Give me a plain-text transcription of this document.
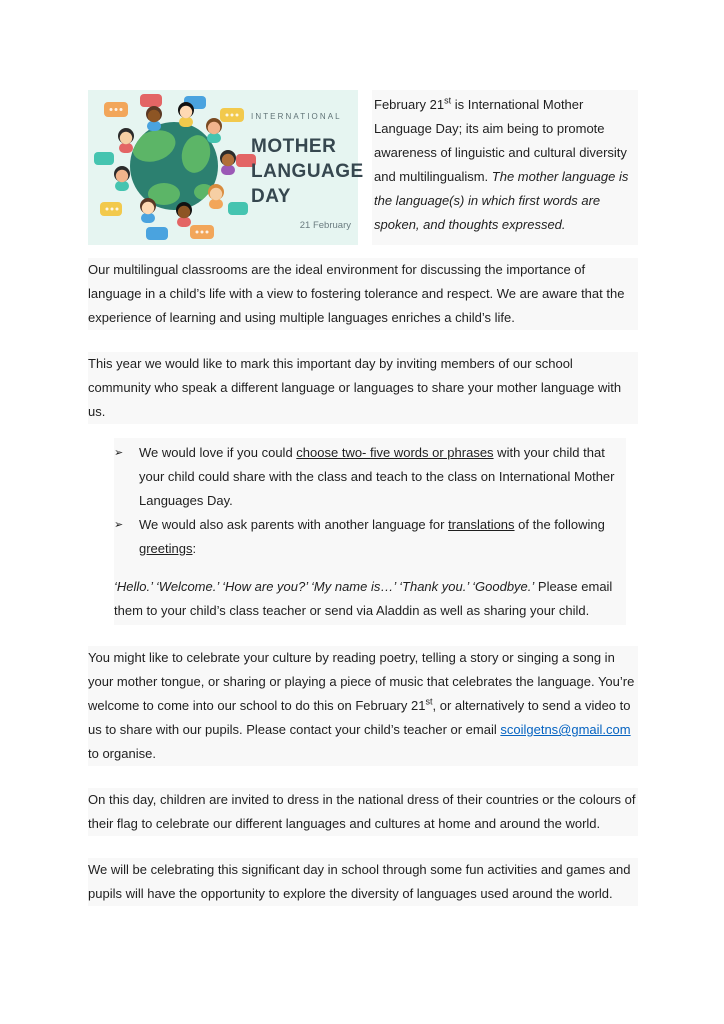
INTERNATIONAL
MOTHER
LANGUAGE
DAY
21 February
February 21st is International Mother Language Day; its aim being to promote awareness of linguistic and cultural diversity and multilingualism. The mother language is the language(s) in which first words are spoken, and thoughts expressed.

Our multilingual classrooms are the ideal environment for discussing the importance of language in a child’s life with a view to fostering tolerance and respect. We are aware that the experience of learning and using multiple languages enriches a child’s life.

This year we would like to mark this important day by inviting members of our school community who speak a different language or languages to share your mother language with us.

➢	We would love if you could choose two- five words or phrases with your child that your child could share with the class and teach to the class on International Mother Languages Day.
➢	We would also ask parents with another language for translations of the following greetings:

‘Hello.’ ‘Welcome.’ ‘How are you?’ ‘My name is…’ ‘Thank you.’ ‘Goodbye.’ Please email them to your child’s class teacher or send via Aladdin as well as sharing your child.

You might like to celebrate your culture by reading poetry, telling a story or singing a song in your mother tongue, or sharing or playing a piece of music that celebrates the language. You’re welcome to come into our school to do this on February 21st, or alternatively to send a video to us to share with our pupils. Please contact your child’s teacher or email scoilgetns@gmail.com to organise.

On this day, children are invited to dress in the national dress of their countries or the colours of their flag to celebrate our different languages and cultures at home and around the world.

We will be celebrating this significant day in school through some fun activities and games and pupils will have the opportunity to explore the diversity of languages used around the world.
